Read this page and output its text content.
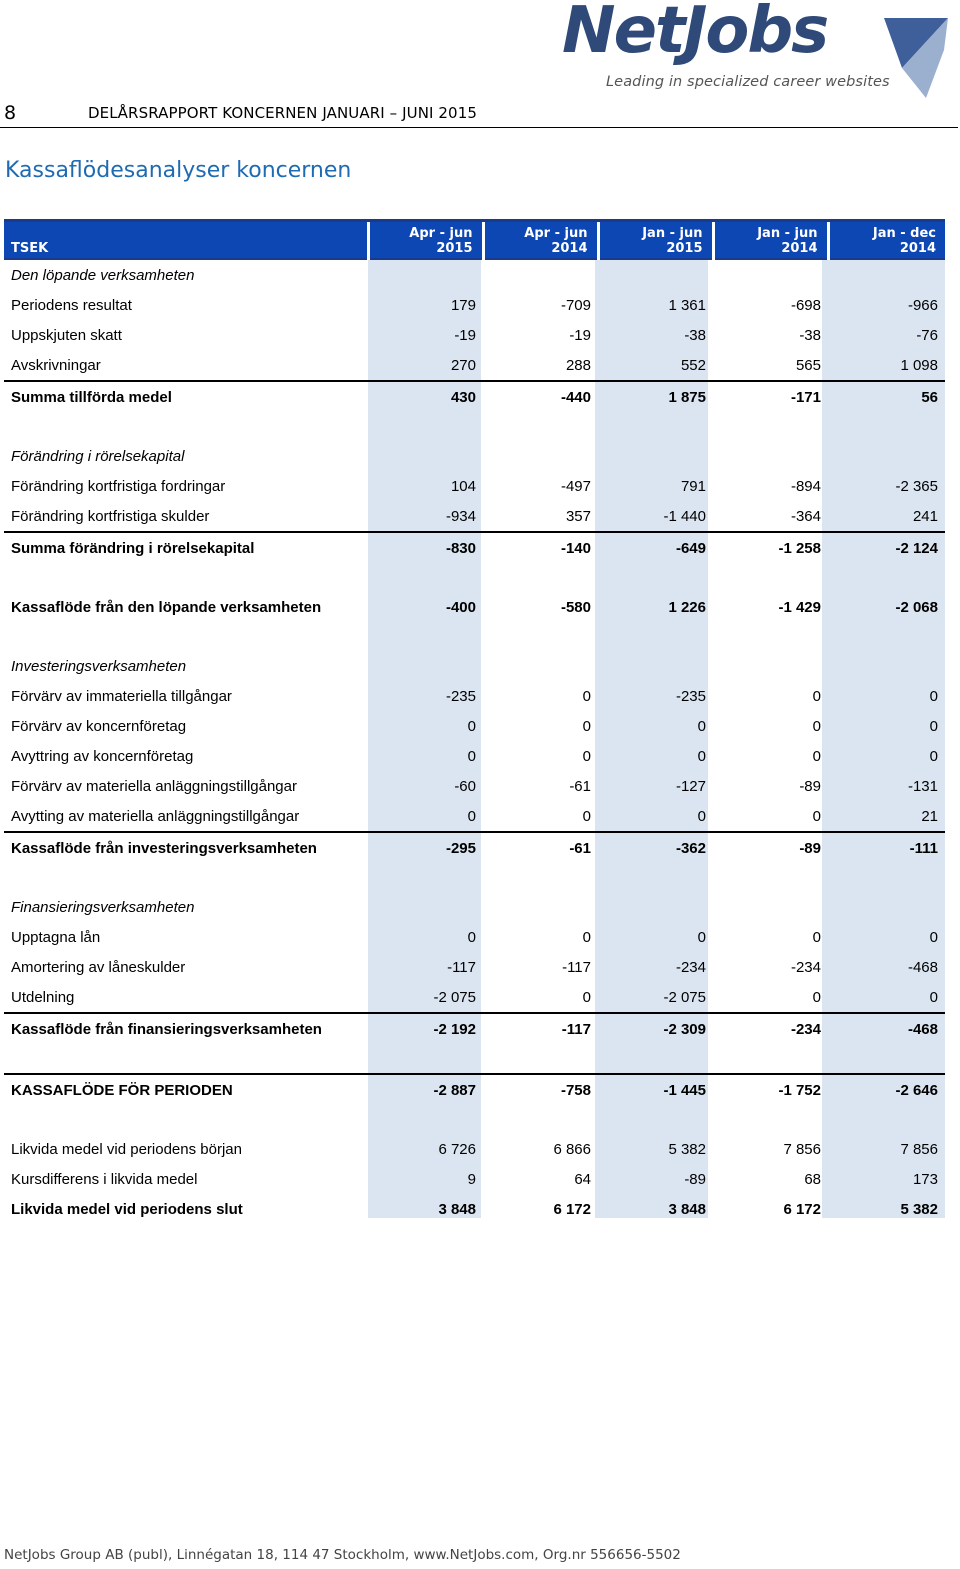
8	DELÅRSRAPPORT KONCERNEN JANUARI – JUNI 2015
NetJobs
Leading in specialized career websites
Kassaflödesanalyser koncernen
TSEK	Apr - jun 2015	Apr - jun 2014	Jan - jun 2015	Jan - jun 2014	Jan - dec 2014
Den löpande verksamheten					
Periodens resultat	179	-709	1 361	-698	-966
Uppskjuten skatt	-19	-19	-38	-38	-76
Avskrivningar	270	288	552	565	1 098
Summa tillförda medel	430	-440	1 875	-171	56

Förändring i rörelsekapital					
Förändring kortfristiga fordringar	104	-497	791	-894	-2 365
Förändring kortfristiga skulder	-934	357	-1 440	-364	241
Summa förändring i rörelsekapital	-830	-140	-649	-1 258	-2 124

Kassaflöde från den löpande verksamheten	-400	-580	1 226	-1 429	-2 068

Investeringsverksamheten					
Förvärv av immateriella tillgångar	-235	0	-235	0	0
Förvärv av koncernföretag	0	0	0	0	0
Avyttring av koncernföretag	0	0	0	0	0
Förvärv av materiella anläggningstillgångar	-60	-61	-127	-89	-131
Avytting av materiella anläggningstillgångar	0	0	0	0	21
Kassaflöde från investeringsverksamheten	-295	-61	-362	-89	-111

Finansieringsverksamheten					
Upptagna lån	0	0	0	0	0
Amortering av låneskulder	-117	-117	-234	-234	-468
Utdelning	-2 075	0	-2 075	0	0
Kassaflöde från finansieringsverksamheten	-2 192	-117	-2 309	-234	-468

KASSAFLÖDE FÖR PERIODEN	-2 887	-758	-1 445	-1 752	-2 646

Likvida medel vid periodens början	6 726	6 866	5 382	7 856	7 856
Kursdifferens i likvida medel	9	64	-89	68	173
Likvida medel vid periodens slut	3 848	6 172	3 848	6 172	5 382
NetJobs Group AB (publ), Linnégatan 18, 114 47 Stockholm, www.NetJobs.com, Org.nr 556656-5502
